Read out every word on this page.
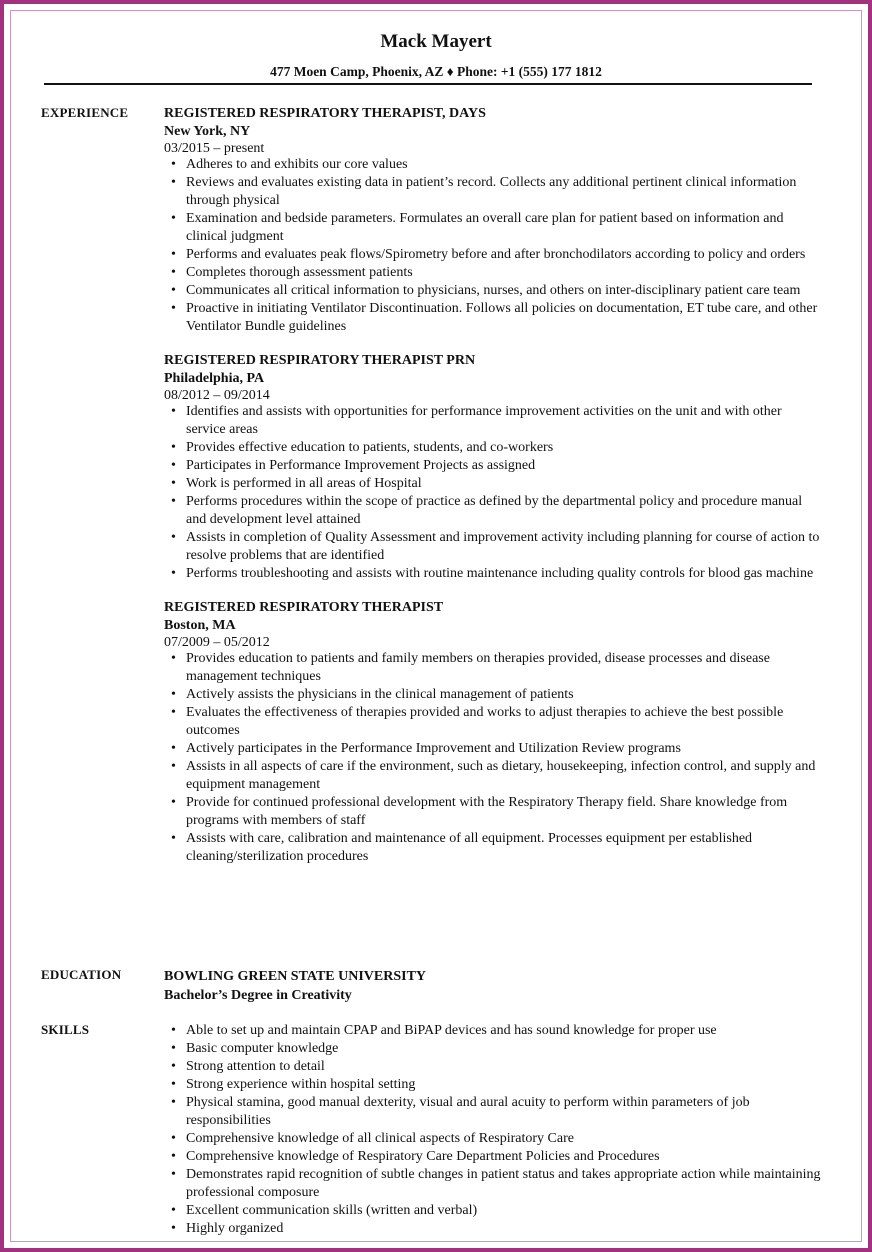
Mack Mayert
477 Moen Camp, Phoenix, AZ ♦ Phone: +1 (555) 177 1812
EXPERIENCE	REGISTERED RESPIRATORY THERAPIST, DAYS
New York, NY
03/2015 – present
• Adheres to and exhibits our core values
• Reviews and evaluates existing data in patient’s record. Collects any additional pertinent clinical information through physical
• Examination and bedside parameters. Formulates an overall care plan for patient based on information and clinical judgment
• Performs and evaluates peak flows/Spirometry before and after bronchodilators according to policy and orders
• Completes thorough assessment patients
• Communicates all critical information to physicians, nurses, and others on inter-disciplinary patient care team
• Proactive in initiating Ventilator Discontinuation. Follows all policies on documentation, ET tube care, and other Ventilator Bundle guidelines
REGISTERED RESPIRATORY THERAPIST PRN
Philadelphia, PA
08/2012 – 09/2014
• Identifies and assists with opportunities for performance improvement activities on the unit and with other service areas
• Provides effective education to patients, students, and co-workers
• Participates in Performance Improvement Projects as assigned
• Work is performed in all areas of Hospital
• Performs procedures within the scope of practice as defined by the departmental policy and procedure manual and development level attained
• Assists in completion of Quality Assessment and improvement activity including planning for course of action to resolve problems that are identified
• Performs troubleshooting and assists with routine maintenance including quality controls for blood gas machine
REGISTERED RESPIRATORY THERAPIST
Boston, MA
07/2009 – 05/2012
• Provides education to patients and family members on therapies provided, disease processes and disease management techniques
• Actively assists the physicians in the clinical management of patients
• Evaluates the effectiveness of therapies provided and works to adjust therapies to achieve the best possible outcomes
• Actively participates in the Performance Improvement and Utilization Review programs
• Assists in all aspects of care if the environment, such as dietary, housekeeping, infection control, and supply and equipment management
• Provide for continued professional development with the Respiratory Therapy field. Share knowledge from programs with members of staff
• Assists with care, calibration and maintenance of all equipment. Processes equipment per established cleaning/sterilization procedures
EDUCATION	BOWLING GREEN STATE UNIVERSITY
Bachelor’s Degree in Creativity
SKILLS
•	Able to set up and maintain CPAP and BiPAP devices and has sound knowledge for proper use
• Basic computer knowledge
• Strong attention to detail
• Strong experience within hospital setting
• Physical stamina, good manual dexterity, visual and aural acuity to perform within parameters of job responsibilities
• Comprehensive knowledge of all clinical aspects of Respiratory Care
• Comprehensive knowledge of Respiratory Care Department Policies and Procedures
• Demonstrates rapid recognition of subtle changes in patient status and takes appropriate action while maintaining professional composure
• Excellent communication skills (written and verbal)
• Highly organized
